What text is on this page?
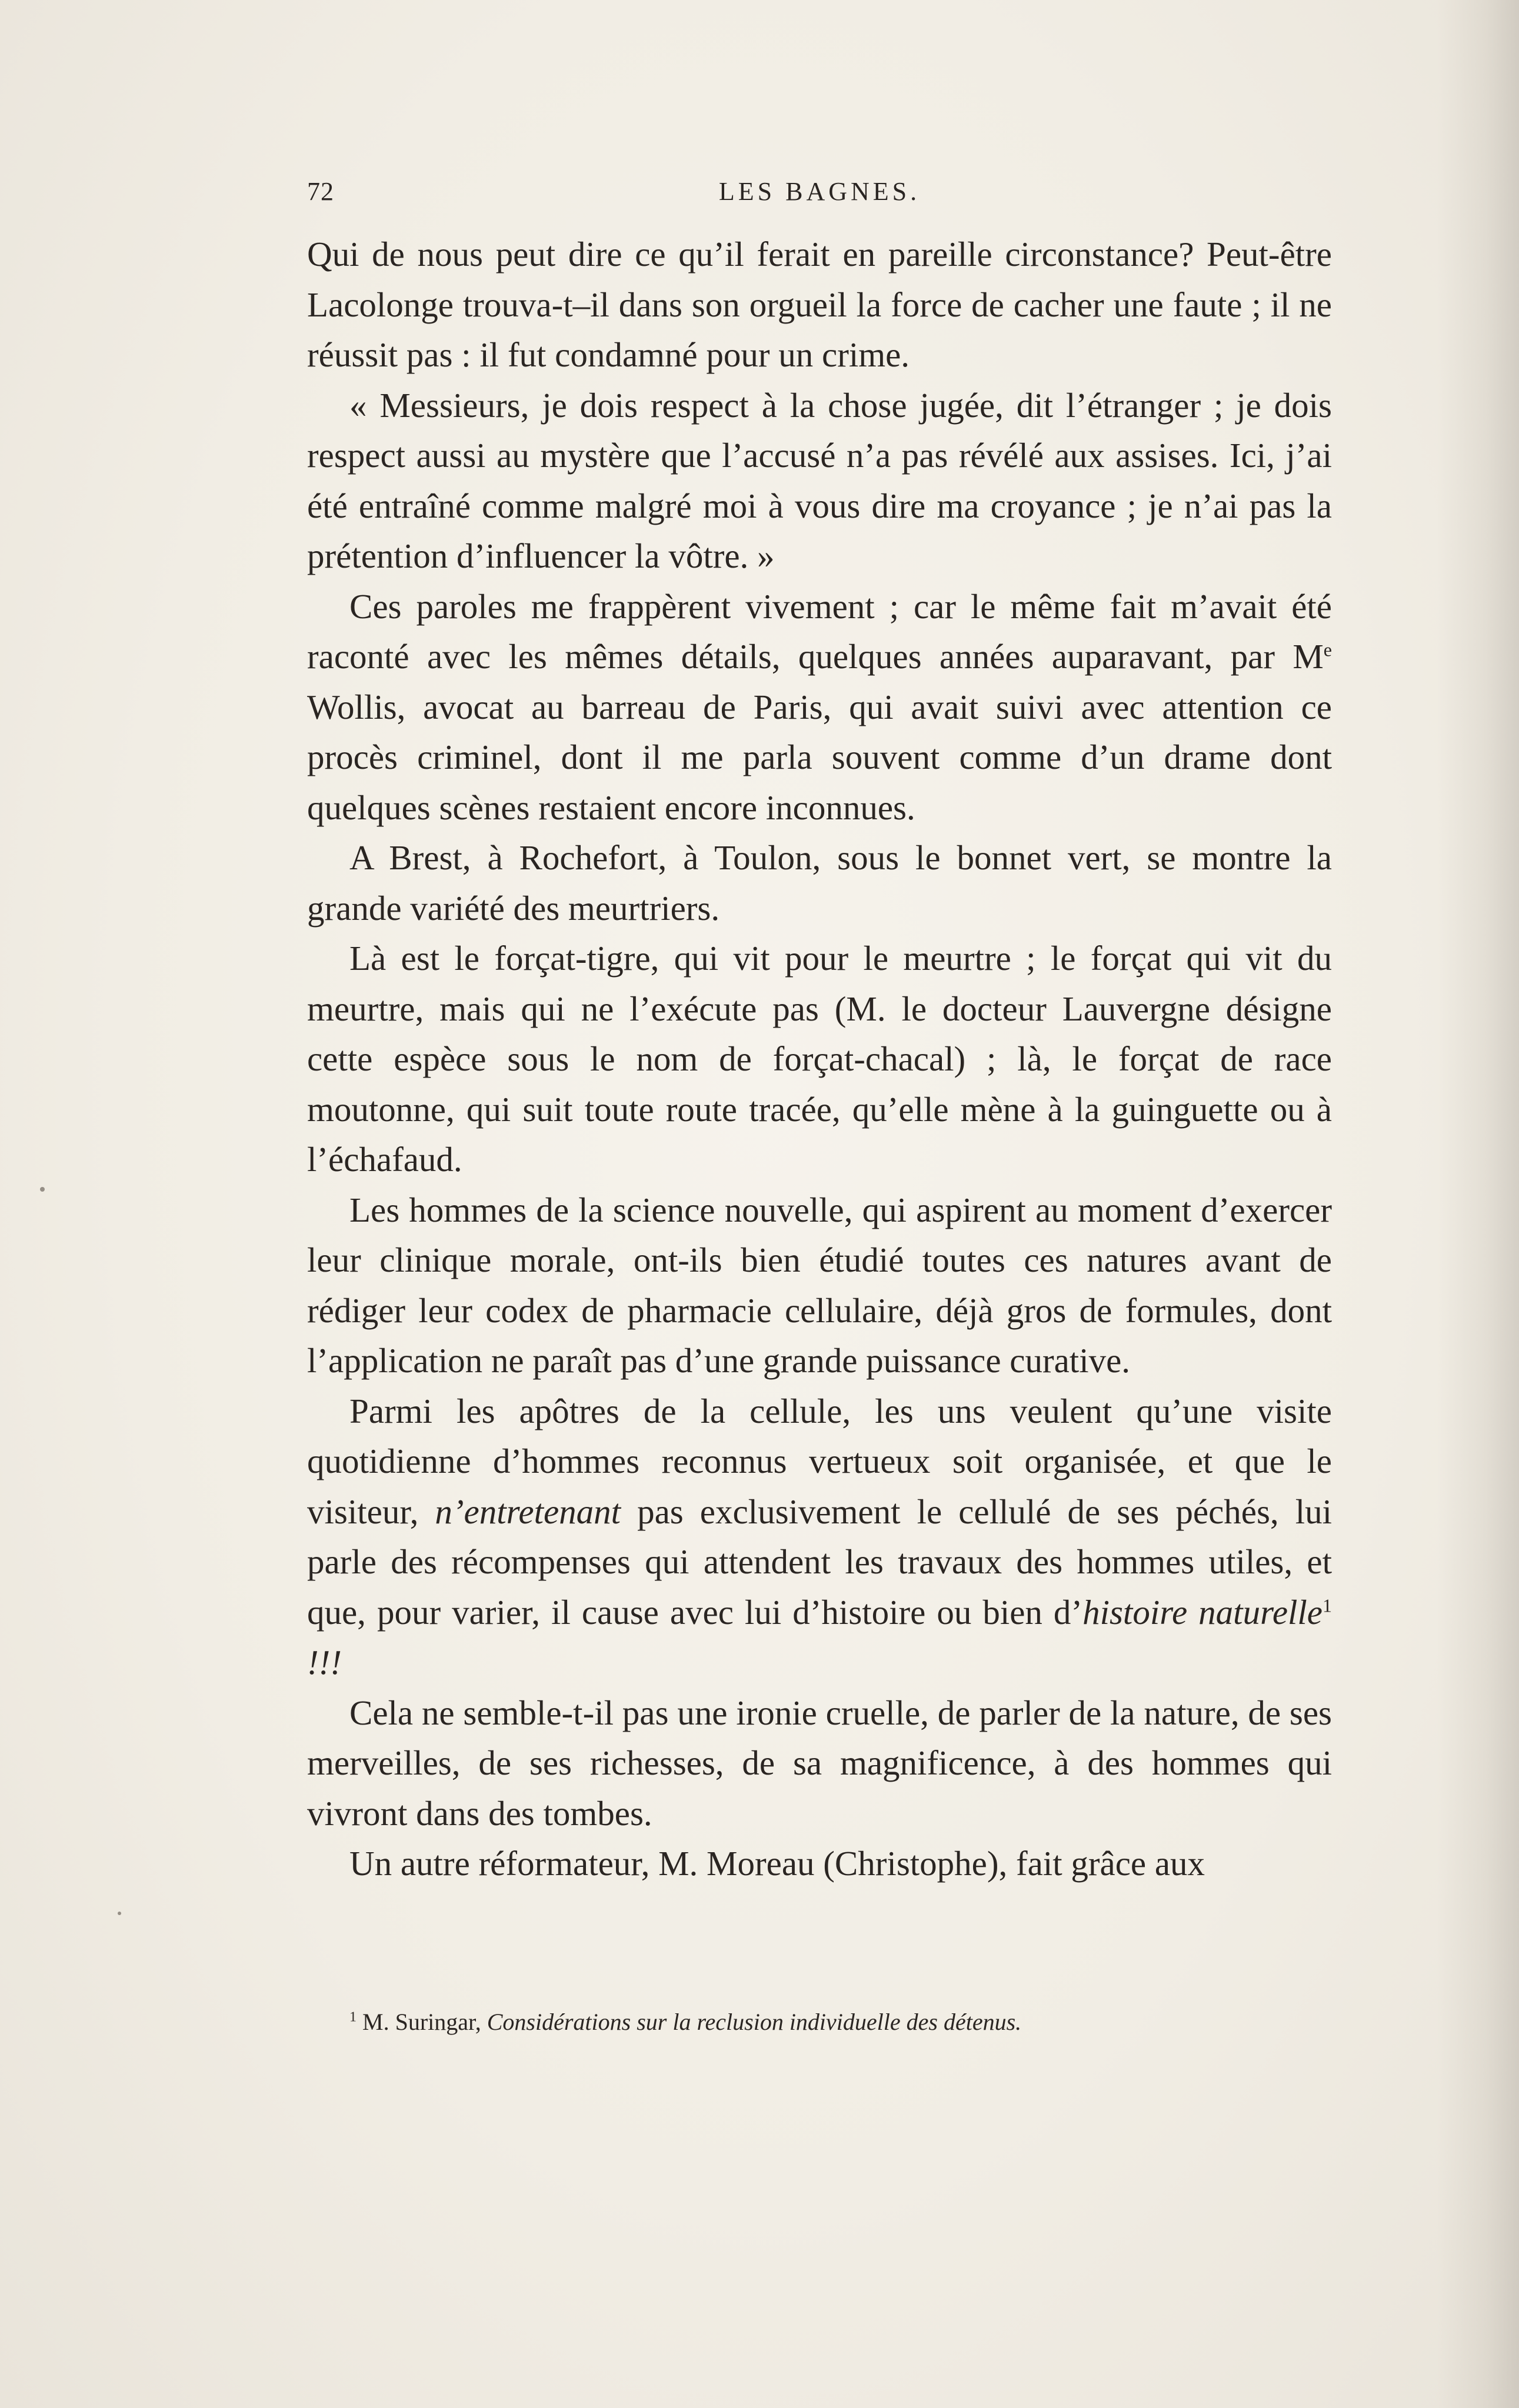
72	LES BAGNES.

Qui de nous peut dire ce qu’il ferait en pareille circonstance? Peut-être Lacolonge trouva-t–il dans son orgueil la force de cacher une faute ; il ne réussit pas : il fut condamné pour un crime.

« Messieurs, je dois respect à la chose jugée, dit l’étranger ; je dois respect aussi au mystère que l’accusé n’a pas révélé aux assises. Ici, j’ai été entraîné comme malgré moi à vous dire ma croyance ; je n’ai pas la prétention d’influencer la vôtre. »

Ces paroles me frappèrent vivement ; car le même fait m’avait été raconté avec les mêmes détails, quelques années auparavant, par Me Wollis, avocat au barreau de Paris, qui avait suivi avec attention ce procès criminel, dont il me parla souvent comme d’un drame dont quelques scènes restaient encore inconnues.

A Brest, à Rochefort, à Toulon, sous le bonnet vert, se montre la grande variété des meurtriers.

Là est le forçat-tigre, qui vit pour le meurtre ; le forçat qui vit du meurtre, mais qui ne l’exécute pas (M. le docteur Lauvergne désigne cette espèce sous le nom de forçat-chacal) ; là, le forçat de race moutonne, qui suit toute route tracée, qu’elle mène à la guinguette ou à l’échafaud.

Les hommes de la science nouvelle, qui aspirent au moment d’exercer leur clinique morale, ont-ils bien étudié toutes ces natures avant de rédiger leur codex de pharmacie cellulaire, déjà gros de formules, dont l’application ne paraît pas d’une grande puissance curative.

Parmi les apôtres de la cellule, les uns veulent qu’une visite quotidienne d’hommes reconnus vertueux soit organisée, et que le visiteur, n’entretenant pas exclusivement le cellulé de ses péchés, lui parle des récompenses qui attendent les travaux des hommes utiles, et que, pour varier, il cause avec lui d’histoire ou bien d’histoire naturelle$^1$ !!!

Cela ne semble-t-il pas une ironie cruelle, de parler de la nature, de ses merveilles, de ses richesses, de sa magnificence, à des hommes qui vivront dans des tombes.

Un autre réformateur, M. Moreau (Christophe), fait grâce aux

$^1$ M. Suringar, Considérations sur la reclusion individuelle des détenus.
